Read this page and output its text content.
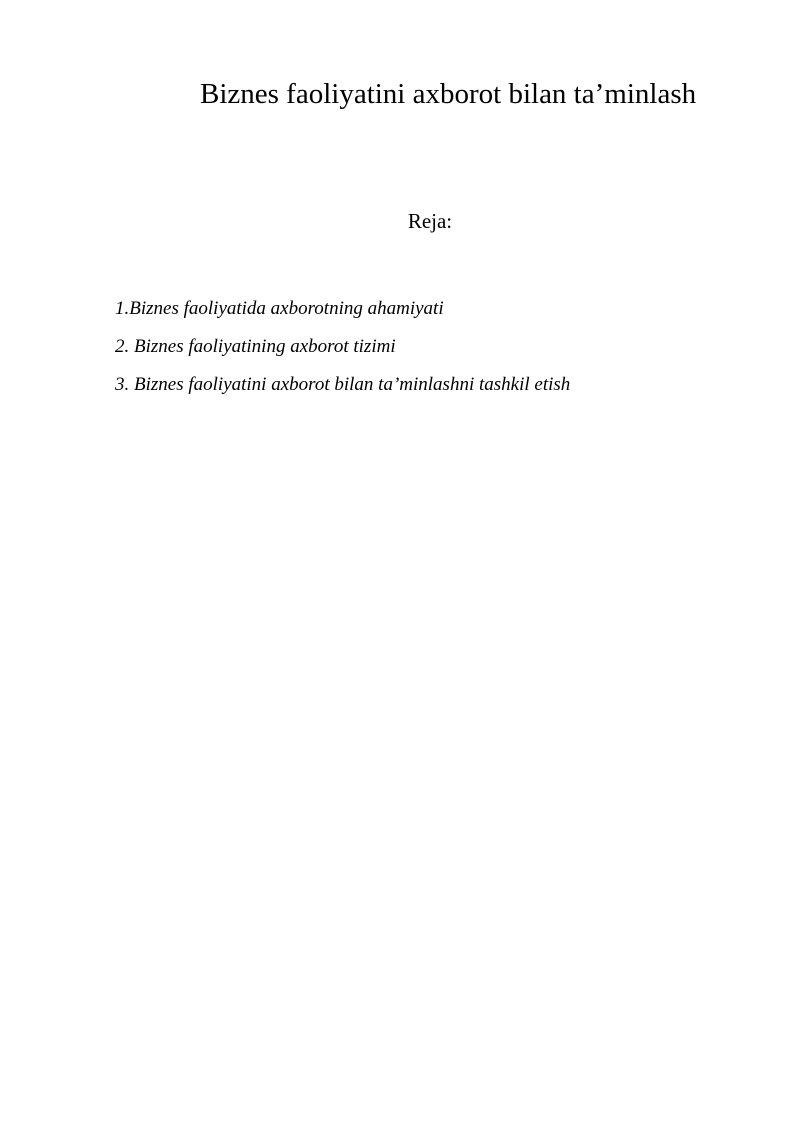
Biznes faoliyatini axborot bilan ta’minlash
Reja:
1.Biznes faoliyatida axborotning ahamiyati
2. Biznes faoliyatining axborot tizimi
3. Biznes faoliyatini axborot bilan ta’minlashni tashkil etish
